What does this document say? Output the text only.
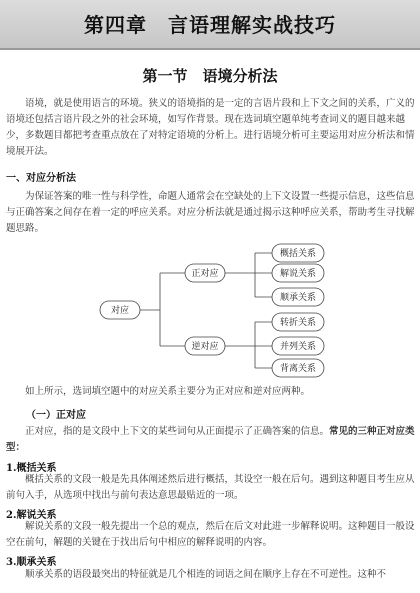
第四章　言语理解实战技巧
第一节　语境分析法

语境，就是使用语言的环境。狭义的语境指的是一定的言语片段和上下文之间的关系，广义的语境还包括言语片段之外的社会环境，如写作背景。现在选词填空题单纯考查词义的题目越来越少，多数题目都把考查重点放在了对特定语境的分析上。进行语境分析可主要运用对应分析法和情境展开法。

一、对应分析法

为保证答案的唯一性与科学性，命题人通常会在空缺处的上下文设置一些提示信息，这些信息与正确答案之间存在着一定的呼应关系。对应分析法就是通过揭示这种呼应关系，帮助考生寻找解题思路。

对应
正对应
逆对应
概括关系
解说关系
顺承关系
转折关系
并列关系
背离关系

如上所示，选词填空题中的对应关系主要分为正对应和逆对应两种。

（一）正对应

正对应，指的是文段中上下文的某些词句从正面提示了正确答案的信息。常见的三种正对应类型：

1.概括关系

概括关系的文段一般是先具体阐述然后进行概括，其设空一般在后句。遇到这种题目考生应从前句入手，从选项中找出与前句表达意思最贴近的一项。

2.解说关系

解说关系的文段一般先提出一个总的观点，然后在后文对此进一步解释说明。这种题目一般设空在前句，解题的关键在于找出后句中相应的解释说明的内容。

3.顺承关系

顺承关系的语段最突出的特征就是几个相连的词语之间在顺序上存在不可逆性。这种不
